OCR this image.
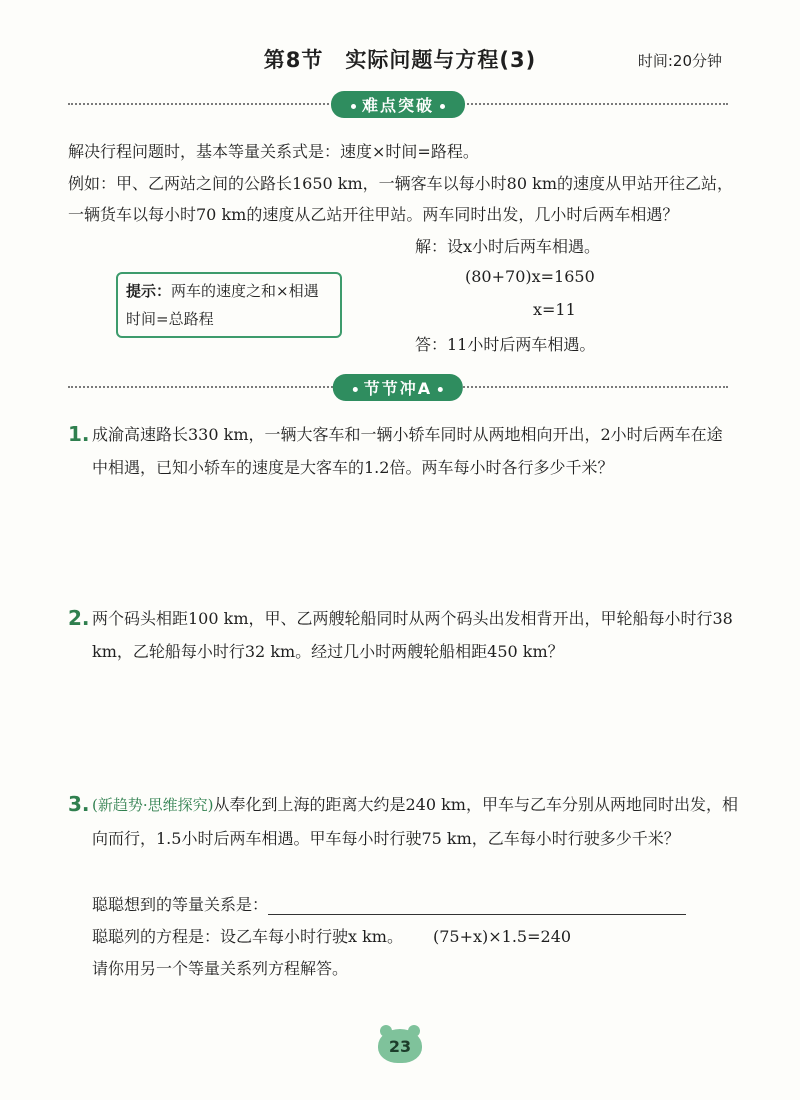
第8节　实际问题与方程(3)	时间:20分钟
难点突破
解决行程问题时，基本等量关系式是：速度×时间=路程。
例如：甲、乙两站之间的公路长1650 km，一辆客车以每小时80 km的速度从甲站开往乙站，一辆货车以每小时70 km的速度从乙站开往甲站。两车同时出发，几小时后两车相遇？
提示：两车的速度之和×相遇时间=总路程
解：设x小时后两车相遇。
(80+70)x=1650
x=11
答：11小时后两车相遇。
节节冲A
1. 成渝高速路长330 km，一辆大客车和一辆小轿车同时从两地相向开出，2小时后两车在途中相遇，已知小轿车的速度是大客车的1.2倍。两车每小时各行多少千米？
2. 两个码头相距100 km，甲、乙两艘轮船同时从两个码头出发相背开出，甲轮船每小时行38 km，乙轮船每小时行32 km。经过几小时两艘轮船相距450 km？
3. (新趋势·思维探究)从奉化到上海的距离大约是240 km，甲车与乙车分别从两地同时出发，相向而行，1.5小时后两车相遇。甲车每小时行驶75 km，乙车每小时行驶多少千米？
聪聪想到的等量关系是：
聪聪列的方程是：设乙车每小时行驶x km。 (75+x)×1.5=240
请你用另一个等量关系列方程解答。
23
